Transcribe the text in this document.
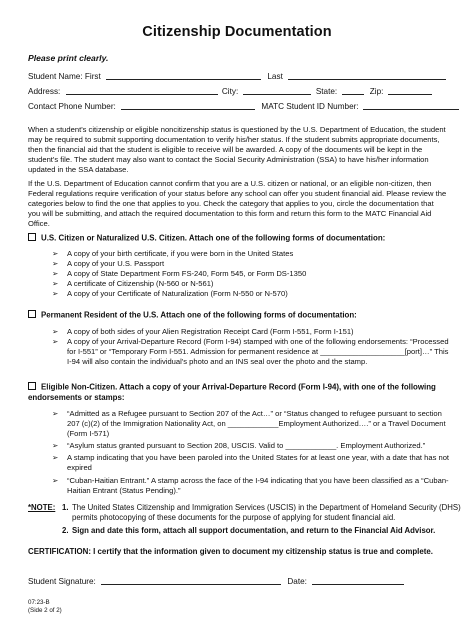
Citizenship Documentation
Please print clearly.
Student Name: First	Last
Address:	City:	State:	Zip:
Contact Phone Number:	MATC Student ID Number:
When a student's citizenship or eligible noncitizenship status is questioned by the U.S. Department of Education, the student may be required to submit supporting documentation to verify his/her status. If the student submits appropriate documents, then the financial aid that the student is eligible to receive will be awarded. A copy of the documents will be kept in the student's file. The student may also want to contact the Social Security Administration (SSA) to have his/her information updated in the SSA database.
If the U.S. Department of Education cannot confirm that you are a U.S. citizen or national, or an eligible non-citizen, then Federal regulations require verification of your status before any school can offer you student financial aid. Please review the categories below to find the one that applies to you. Check the category that applies to you, circle the documentation that you will be submitting, and attach the required documentation to this form and return this form to the MATC Financial Aid Office.
U.S. Citizen or Naturalized U.S. Citizen. Attach one of the following forms of documentation:
➢ A copy of your birth certificate, if you were born in the United States
➢ A copy of your U.S. Passport
➢ A copy of State Department Form FS-240, Form 545, or Form DS-1350
➢ A certificate of Citizenship (N-560 or N-561)
➢ A copy of your Certificate of Naturalization (Form N-550 or N-570)
Permanent Resident of the U.S. Attach one of the following forms of documentation:
➢ A copy of both sides of your Alien Registration Receipt Card (Form I-551, Form I-151)
➢ A copy of your Arrival-Departure Record (Form I-94) stamped with one of the following endorsements: “Processed for I-551” or “Temporary Form I-551. Admission for permanent residence at ____________________[port]…” This I-94 will also contain the individual's photo and an INS seal over the photo and the stamp.
Eligible Non-Citizen. Attach a copy of your Arrival-Departure Record (Form I-94), with one of the following endorsements or stamps:
➢ “Admitted as a Refugee pursuant to Section 207 of the Act…” or “Status changed to refugee pursuant to section 207 (c)(2) of the Immigration Nationality Act, on ____________Employment Authorized….” or a Travel Document (Form I-571)
➢ “Asylum status granted pursuant to Section 208, USCIS. Valid to ____________. Employment Authorized.”
➢ A stamp indicating that you have been paroled into the United States for at least one year, with a date that has not expired
➢ “Cuban-Haitian Entrant.” A stamp across the face of the I-94 indicating that you have been classified as a “Cuban-Haitian Entrant (Status Pending).”
*NOTE: 1. The United States Citizenship and Immigration Services (USCIS) in the Department of Homeland Security (DHS) permits photocopying of these documents for the purpose of applying for student financial aid.
2. Sign and date this form, attach all support documentation, and return to the Financial Aid Advisor.
CERTIFICATION: I certify that the information given to document my citizenship status is true and complete.
Student Signature:	Date:
07:23-B
(Side 2 of 2)
